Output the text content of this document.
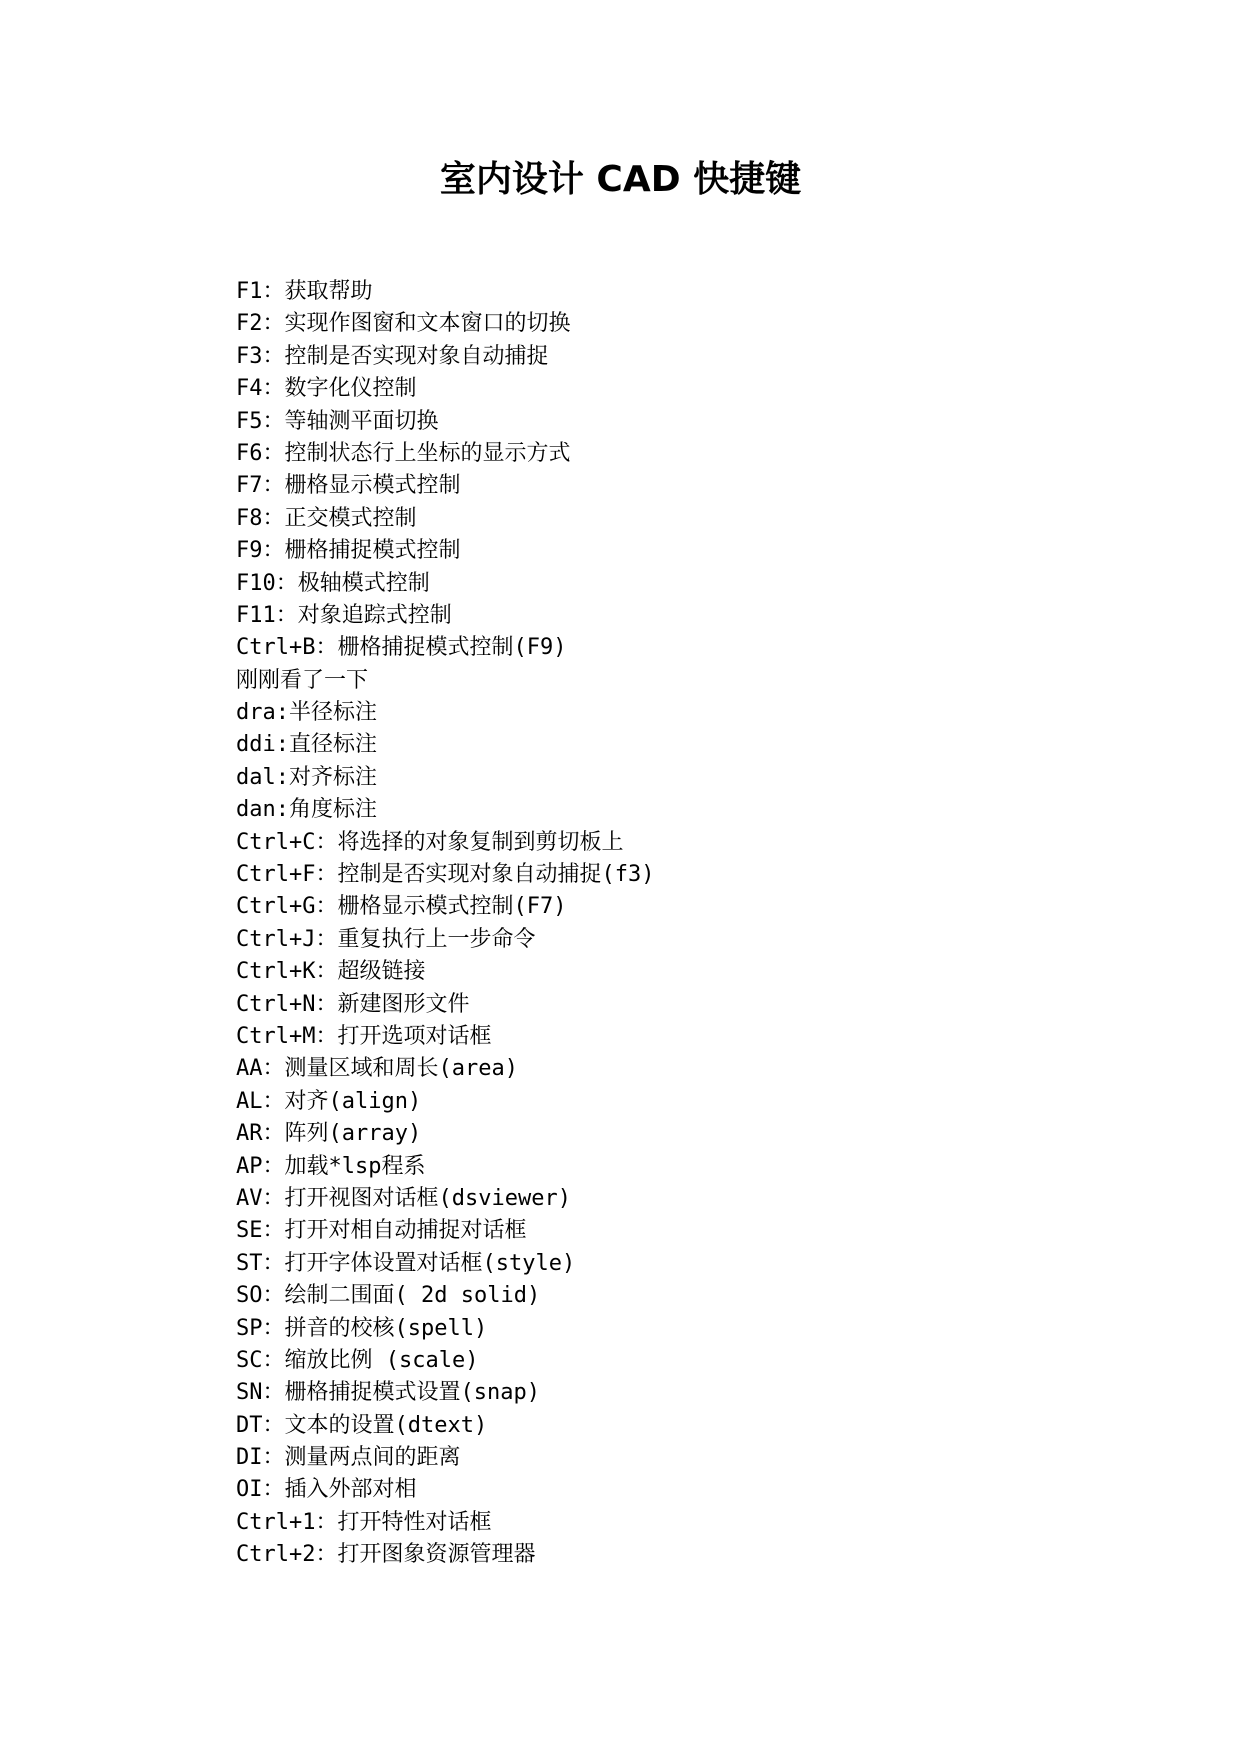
室内设计 CAD 快捷键
F1：获取帮助
F2：实现作图窗和文本窗口的切换
F3：控制是否实现对象自动捕捉
F4：数字化仪控制
F5：等轴测平面切换
F6：控制状态行上坐标的显示方式
F7：栅格显示模式控制
F8：正交模式控制
F9：栅格捕捉模式控制
F10：极轴模式控制
F11：对象追踪式控制
Ctrl+B：栅格捕捉模式控制(F9)
刚刚看了一下
dra:半径标注
ddi:直径标注
dal:对齐标注
dan:角度标注
Ctrl+C：将选择的对象复制到剪切板上
Ctrl+F：控制是否实现对象自动捕捉(f3)
Ctrl+G：栅格显示模式控制(F7)
Ctrl+J：重复执行上一步命令
Ctrl+K：超级链接
Ctrl+N：新建图形文件
Ctrl+M：打开选项对话框
AA：测量区域和周长(area)
AL：对齐(align)
AR：阵列(array)
AP：加载*lsp程系
AV：打开视图对话框(dsviewer)
SE：打开对相自动捕捉对话框
ST：打开字体设置对话框(style)
SO：绘制二围面( 2d solid)
SP：拼音的校核(spell)
SC：缩放比例 (scale)
SN：栅格捕捉模式设置(snap)
DT：文本的设置(dtext)
DI：测量两点间的距离
OI：插入外部对相
Ctrl+1：打开特性对话框
Ctrl+2：打开图象资源管理器
